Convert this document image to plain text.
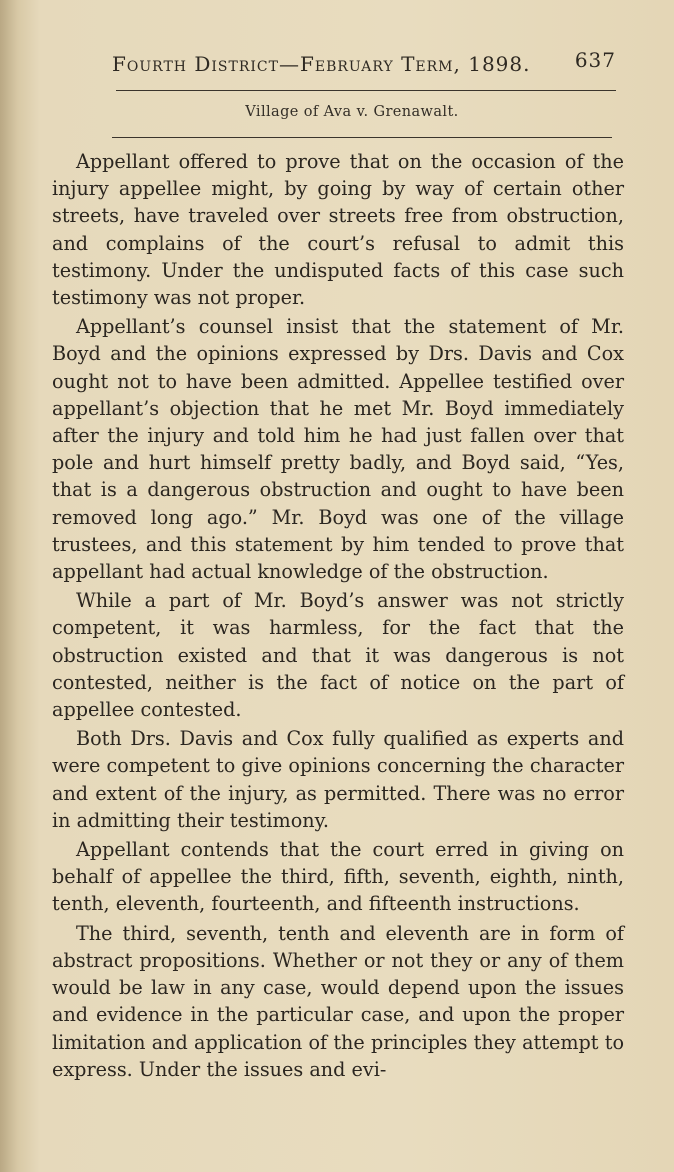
Fourth District—February Term, 1898. 637
Village of Ava v. Grenawalt.

Appellant offered to prove that on the occasion of the injury appellee might, by going by way of certain other streets, have traveled over streets free from obstruction, and complains of the court’s refusal to admit this testimony. Under the undisputed facts of this case such testimony was not proper.

Appellant’s counsel insist that the statement of Mr. Boyd and the opinions expressed by Drs. Davis and Cox ought not to have been admitted. Appellee testified over appellant’s objection that he met Mr. Boyd immediately after the injury and told him he had just fallen over that pole and hurt himself pretty badly, and Boyd said, “Yes, that is a dangerous obstruction and ought to have been removed long ago.” Mr. Boyd was one of the village trustees, and this statement by him tended to prove that appellant had actual knowledge of the obstruction.

While a part of Mr. Boyd’s answer was not strictly competent, it was harmless, for the fact that the obstruction existed and that it was dangerous is not contested, neither is the fact of notice on the part of appellee contested.

Both Drs. Davis and Cox fully qualified as experts and were competent to give opinions concerning the character and extent of the injury, as permitted. There was no error in admitting their testimony.

Appellant contends that the court erred in giving on behalf of appellee the third, fifth, seventh, eighth, ninth, tenth, eleventh, fourteenth, and fifteenth instructions.

The third, seventh, tenth and eleventh are in form of abstract propositions. Whether or not they or any of them would be law in any case, would depend upon the issues and evidence in the particular case, and upon the proper limitation and application of the principles they attempt to express. Under the issues and evi-
